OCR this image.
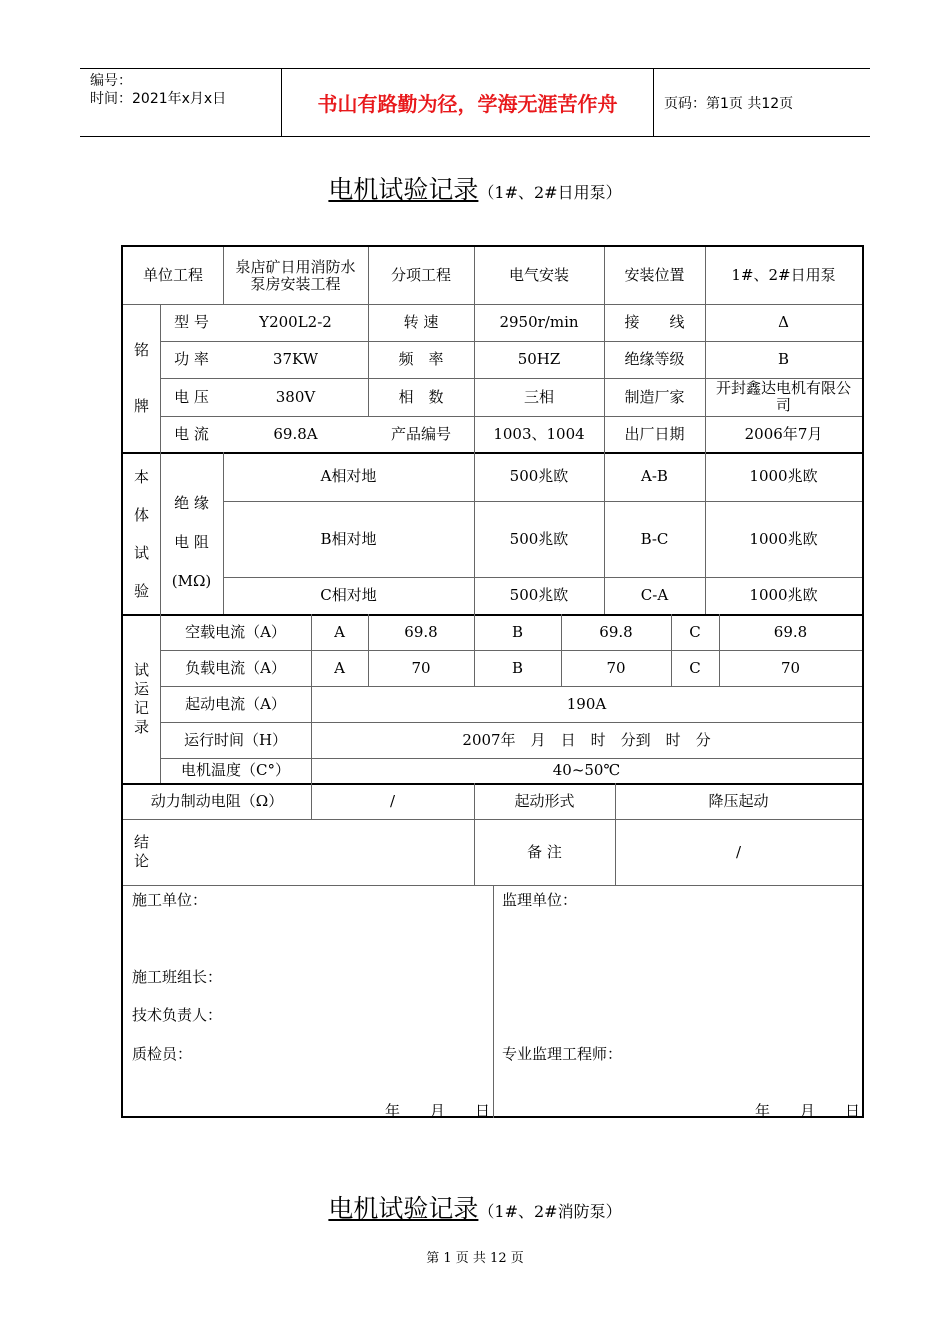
编号：
时间：2021年x月x日	书山有路勤为径，学海无涯苦作舟	页码：第1页 共12页
电机试验记录（1#、2#日用泵）
单位工程	泉店矿日用消防水泵房安装工程	分项工程	电气安装	安装位置	1#、2#日用泵
铭
牌
型 号	Y200L2-2	转 速	2950r/min	接　　线	Δ
功 率	37KW	频　率	50HZ	绝缘等级	B
电 压	380V	相　数	三相	制造厂家	开封鑫达电机有限公司
电 流	69.8A	产品编号	1003、1004	出厂日期	2006年7月
本
体
试
验
绝 缘
电 阻
(MΩ)
A相对地	500兆欧	A-B	1000兆欧
B相对地	500兆欧	B-C	1000兆欧
C相对地	500兆欧	C-A	1000兆欧
试
运
记
录
空载电流（A）	A	69.8	B	69.8	C	69.8
负载电流（A）	A	70	B	70	C	70
起动电流（A）	190A
运行时间（H）	2007年　月　日　时　分到　时　分
电机温度（C°）	40~50℃
动力制动电阻（Ω）	/	起动形式	降压起动
结
论
备 注	/
施工单位：
施工班组长：
技术负责人：
质检员：
年　　月　　日
监理单位：
专业监理工程师：
年　　月　　日
电机试验记录（1#、2#消防泵）
第 1 页 共 12 页
